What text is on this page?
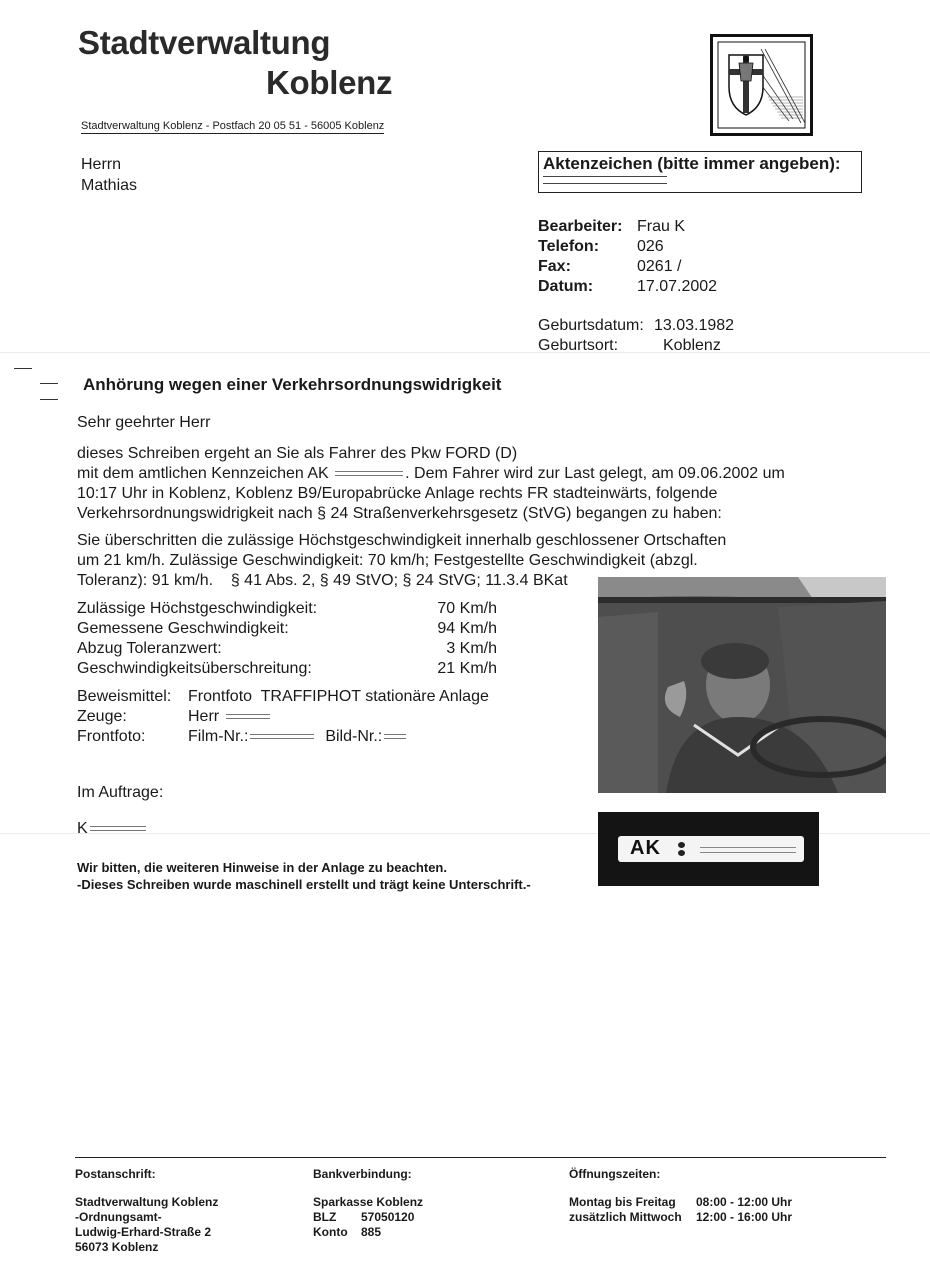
Stadtverwaltung
Koblenz
Stadtverwaltung Koblenz - Postfach 20 05 51 - 56005 Koblenz
Herrn
Mathias
Aktenzeichen (bitte immer angeben):
Bearbeiter: Frau K
Telefon: 026
Fax:	0261 /
Datum:	17.07.2002
Geburtsdatum: 13.03.1982
Geburtsort:	Koblenz
Anhörung wegen einer Verkehrsordnungswidrigkeit
Sehr geehrter Herr
dieses Schreiben ergeht an Sie als Fahrer des Pkw FORD (D)
mit dem amtlichen Kennzeichen AK	. Dem Fahrer wird zur Last gelegt, am 09.06.2002 um
10:17 Uhr in Koblenz, Koblenz B9/Europabrücke Anlage rechts FR stadteinwärts, folgende
Verkehrsordnungswidrigkeit nach § 24 Straßenverkehrsgesetz (StVG) begangen zu haben:
Sie überschritten die zulässige Höchstgeschwindigkeit innerhalb geschlossener Ortschaften
um 21 km/h. Zulässige Geschwindigkeit: 70 km/h; Festgestellte Geschwindigkeit (abzgl.
Toleranz): 91 km/h.    § 41 Abs. 2, § 49 StVO; § 24 StVG; 11.3.4 BKat
Zulässige Höchstgeschwindigkeit:	70 Km/h
Gemessene Geschwindigkeit:	94 Km/h
Abzug Toleranzwert:	3 Km/h
Geschwindigkeitsüberschreitung:	21 Km/h
Beweismittel: Frontfoto  TRAFFIPHOT stationäre Anlage
Zeuge:	Herr
Frontfoto:	Film-Nr.:	Bild-Nr.:
AK
Im Auftrage:
K
Wir bitten, die weiteren Hinweise in der Anlage zu beachten.
-Dieses Schreiben wurde maschinell erstellt und trägt keine Unterschrift.-
Postanschrift:
Stadtverwaltung Koblenz
-Ordnungsamt-
Ludwig-Erhard-Straße 2
56073 Koblenz
Bankverbindung:
Sparkasse Koblenz
BLZ 57050120
Konto 885
Öffnungszeiten:
Montag bis Freitag 08:00 - 12:00 Uhr
zusätzlich Mittwoch 12:00 - 16:00 Uhr
